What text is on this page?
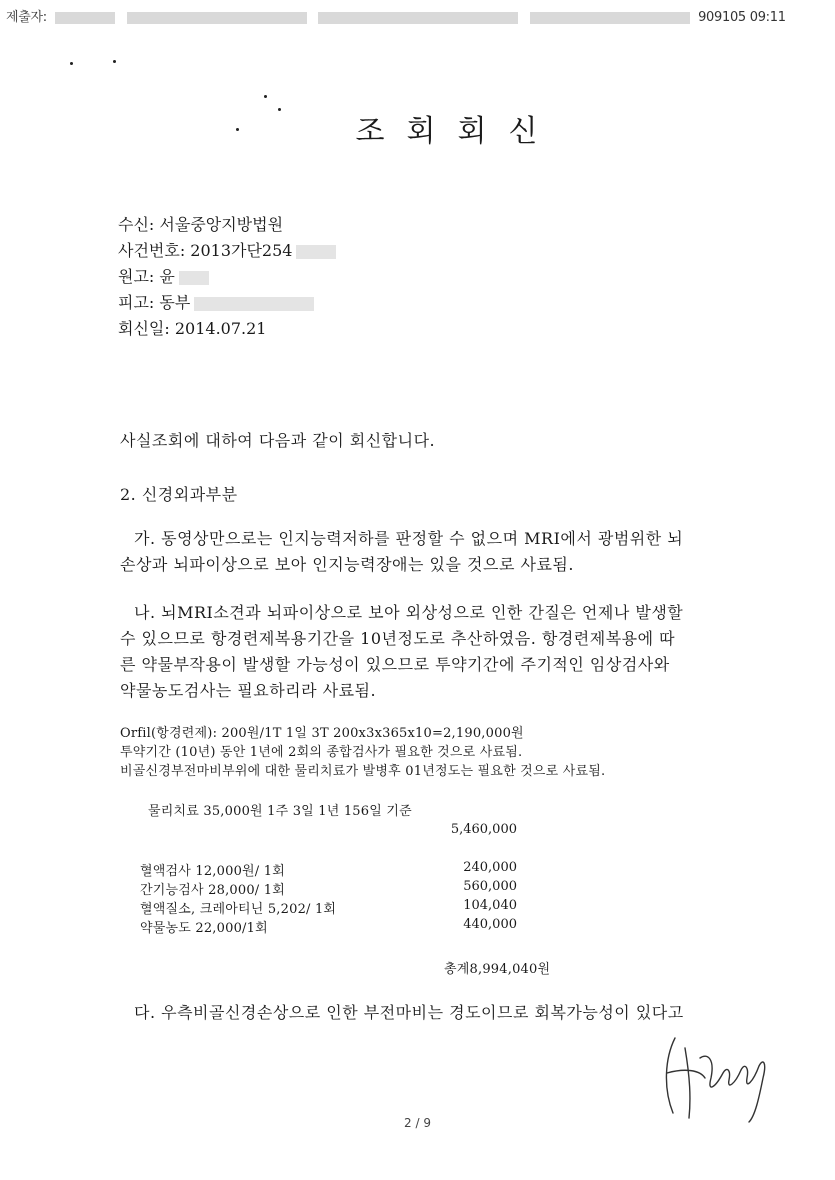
제출자:	909105 09:11
조회회신
수신: 서울중앙지방법원
사건번호: 2013가단254
원고: 윤
피고: 동부
회신일: 2014.07.21
사실조회에 대하여 다음과 같이 회신합니다.
2. 신경외과부분
가. 동영상만으로는 인지능력저하를 판정할 수 없으며 MRI에서 광범위한 뇌
손상과 뇌파이상으로 보아 인지능력장애는 있을 것으로 사료됨.
나. 뇌MRI소견과 뇌파이상으로 보아 외상성으로 인한 간질은 언제나 발생할
수 있으므로 항경련제복용기간을 10년정도로 추산하였음. 항경련제복용에 따
른 약물부작용이 발생할 가능성이 있으므로 투약기간에 주기적인 임상검사와
약물농도검사는 필요하리라 사료됨.
Orfil(항경련제): 200원/1T 1일 3T 200x3x365x10=2,190,000원
투약기간 (10년) 동안 1년에 2회의 종합검사가 필요한 것으로 사료됨.
비골신경부전마비부위에 대한 물리치료가 발병후 01년정도는 필요한 것으로 사료됨.
물리치료 35,000원 1주 3일 1년 156일 기준
5,460,000
혈액검사 12,000원/ 1회	240,000
간기능검사 28,000/ 1회	560,000
혈액질소, 크레아티닌 5,202/ 1회	104,040
약물농도 22,000/1회	440,000
총계8,994,040원
다. 우측비골신경손상으로 인한 부전마비는 경도이므로 회복가능성이 있다고
2 / 9
